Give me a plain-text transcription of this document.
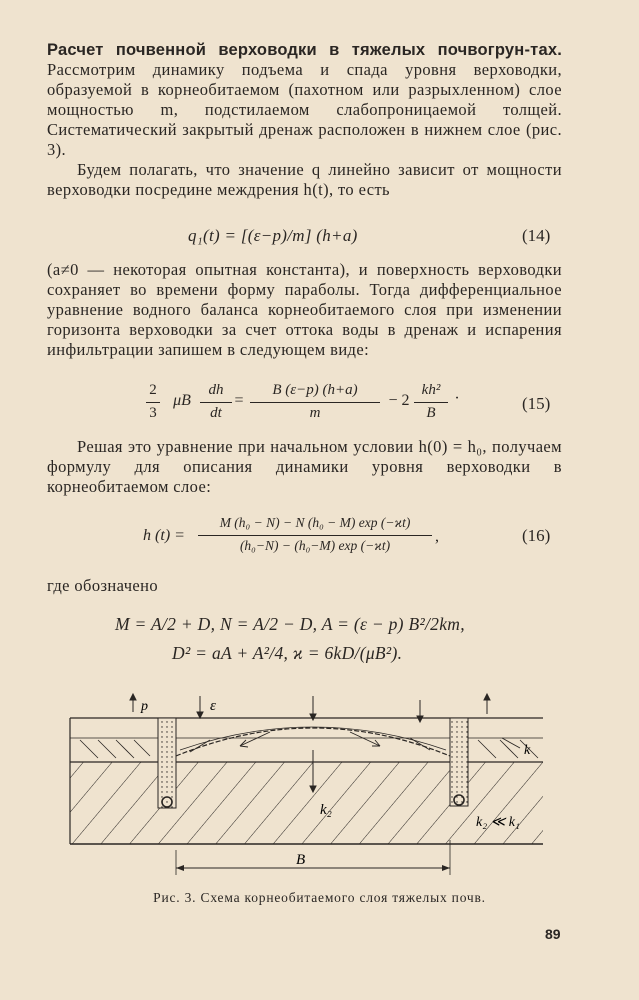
Расчет почвенной верховодки в тяжелых почвогрун-тах. Рассмотрим динамику подъема и спада уровня верховодки, образуемой в корнеобитаемом (пахотном или разрыхленном) слое мощностью m, подстилаемом слабопроницаемой толщей. Систематический закрытый дренаж расположен в нижнем слое (рис. 3).

Будем полагать, что значение q линейно зависит от мощности верховодки посредине междрения h(t), то есть

q₁(t) = [(ε−p)/m] (h+a)	(14)

(a≠0 — некоторая опытная константа), и поверхность верховодки сохраняет во времени форму параболы. Тогда дифференциальное уравнение водного баланса корнеобитаемого слоя при изменении горизонта верховодки за счет оттока воды в дренаж и испарения инфильтрации запишем в следующем виде:

2
3
μB
dh
dt
=
B (ε−p) (h+a)
m
− 2
kh²
B
·	(15)

Решая это уравнение при начальном условии h(0) = h₀, получаем формулу для описания динамики уровня верховодки в корнеобитаемом слое:

h (t) =
M (h₀ − N) − N (h₀ − M) exp (−ϰt)
(h₀−N) − (h₀−M) exp (−ϰt)
,	(16)

где обозначено

M = A/2 + D, N = A/2 − D, A = (ε − p) B²/2km,
D² = aA + A²/4, ϰ = 6kD/(μB²).
p	ε
k
k₂
k₂ ≪ k₁
B
Рис. 3. Схема корнеобитаемого слоя тяжелых почв.
89
